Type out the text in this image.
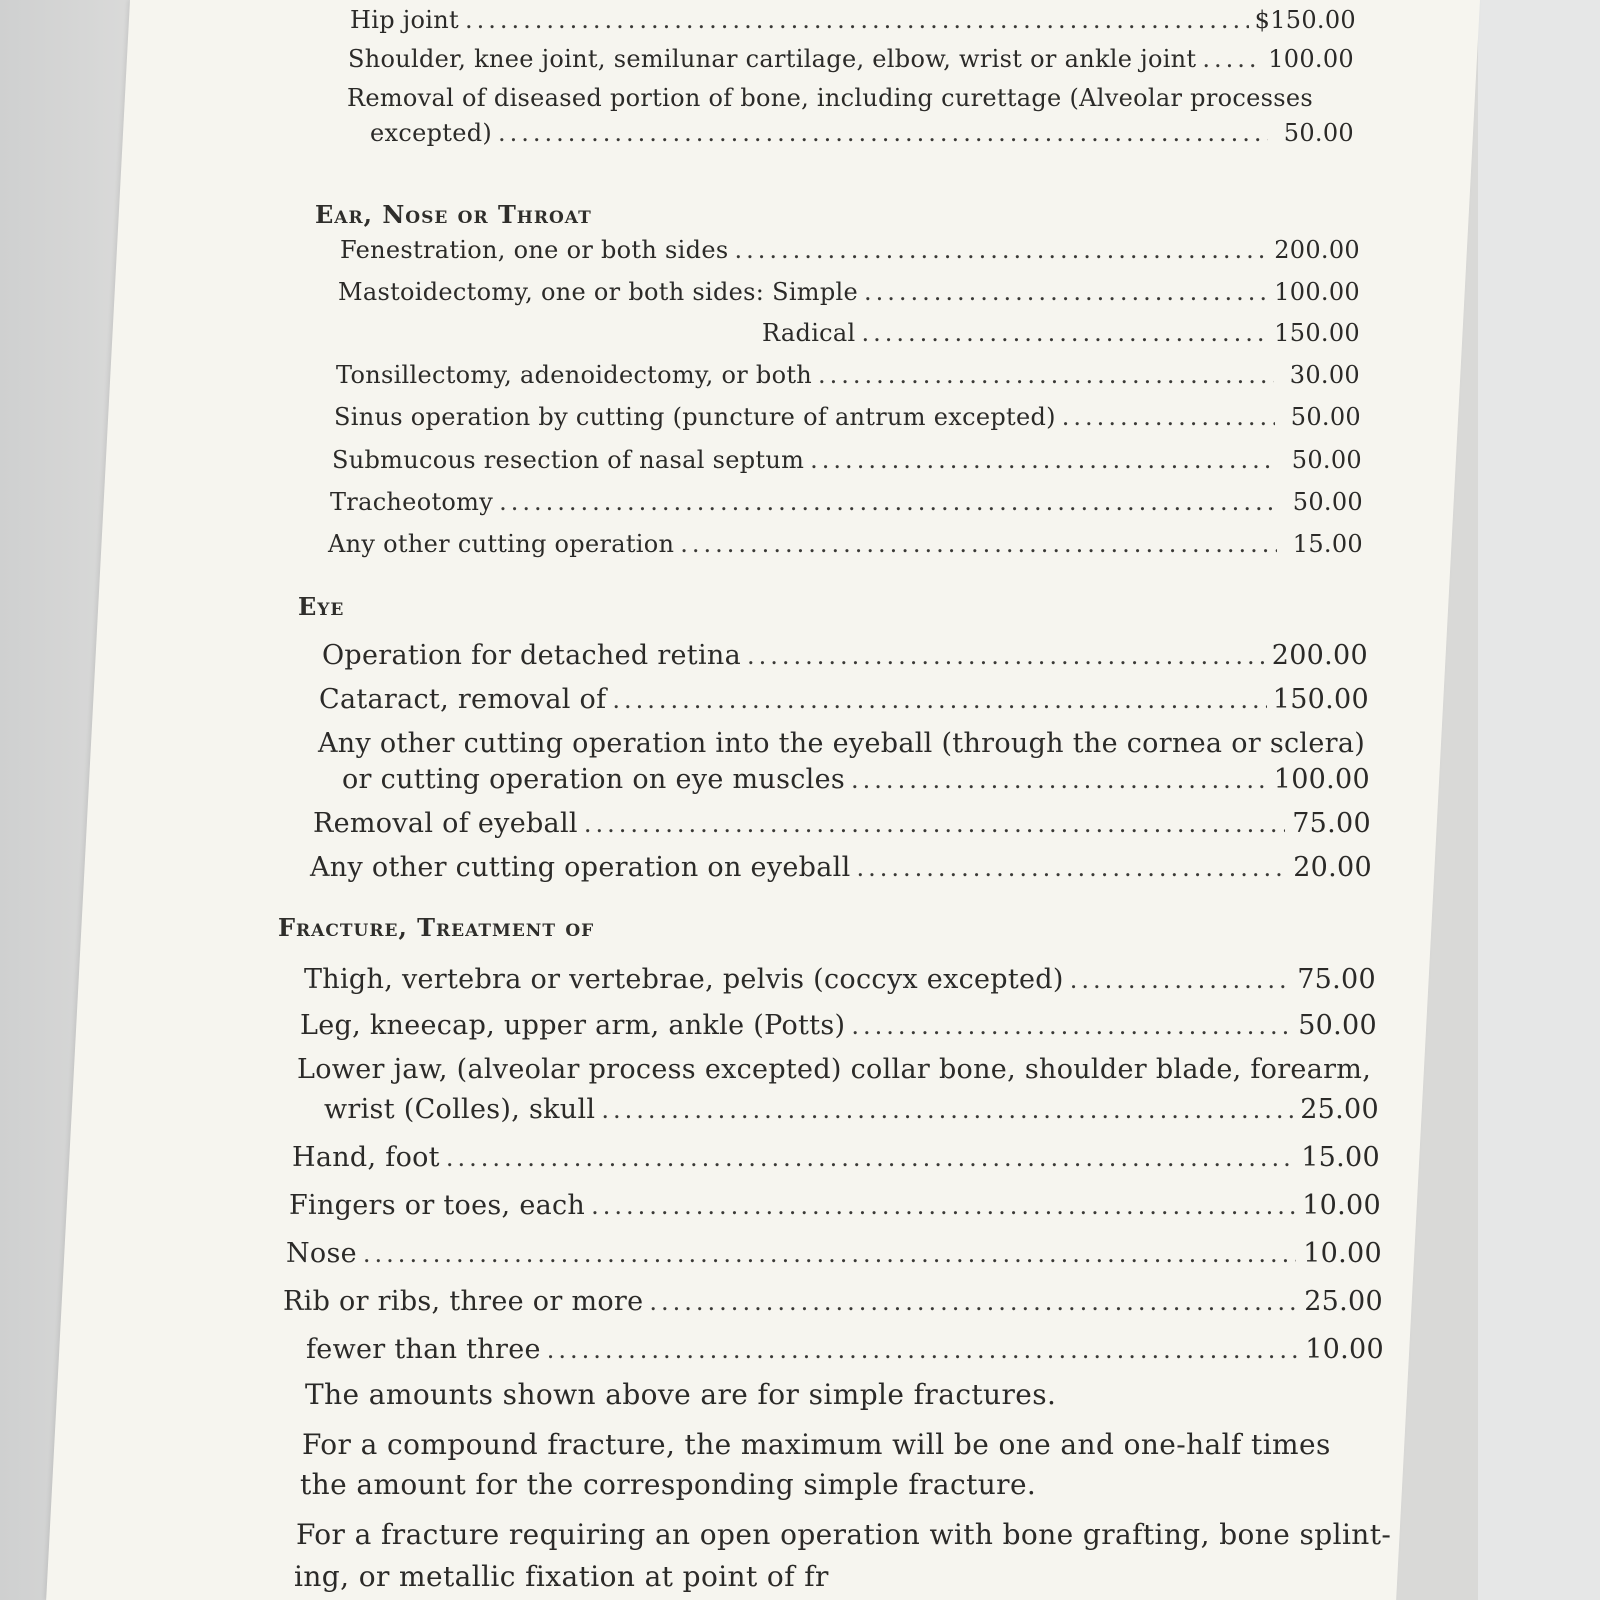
Hip joint .....	$150.00
Shoulder, knee joint, semilunar cartilage, elbow, wrist or ankle joint .....	100.00
Removal of diseased portion of bone, including curettage (Alveolar processes
excepted) .....	50.00
Ear, Nose or Throat
Fenestration, one or both sides .....	200.00
Mastoidectomy, one or both sides: Simple .....	100.00
Radical .....	150.00
Tonsillectomy, adenoidectomy, or both .....	30.00
Sinus operation by cutting (puncture of antrum excepted) .....	50.00
Submucous resection of nasal septum .....	50.00
Tracheotomy .....	50.00
Any other cutting operation .....	15.00
Eye
Operation for detached retina .....	200.00
Cataract, removal of .....	150.00
Any other cutting operation into the eyeball (through the cornea or sclera)
or cutting operation on eye muscles .....	100.00
Removal of eyeball .....	75.00
Any other cutting operation on eyeball .....	20.00
Fracture, Treatment of
Thigh, vertebra or vertebrae, pelvis (coccyx excepted) .....	75.00
Leg, kneecap, upper arm, ankle (Potts) .....	50.00
Lower jaw, (alveolar process excepted) collar bone, shoulder blade, forearm,
wrist (Colles), skull .....	25.00
Hand, foot .....	15.00
Fingers or toes, each .....	10.00
Nose .....	10.00
Rib or ribs, three or more .....	25.00
fewer than three .....	10.00
The amounts shown above are for simple fractures.
For a compound fracture, the maximum will be one and one-half times
the amount for the corresponding simple fracture.
For a fracture requiring an open operation with bone grafting, bone splint-
ing, or metallic fixation at point of fr
